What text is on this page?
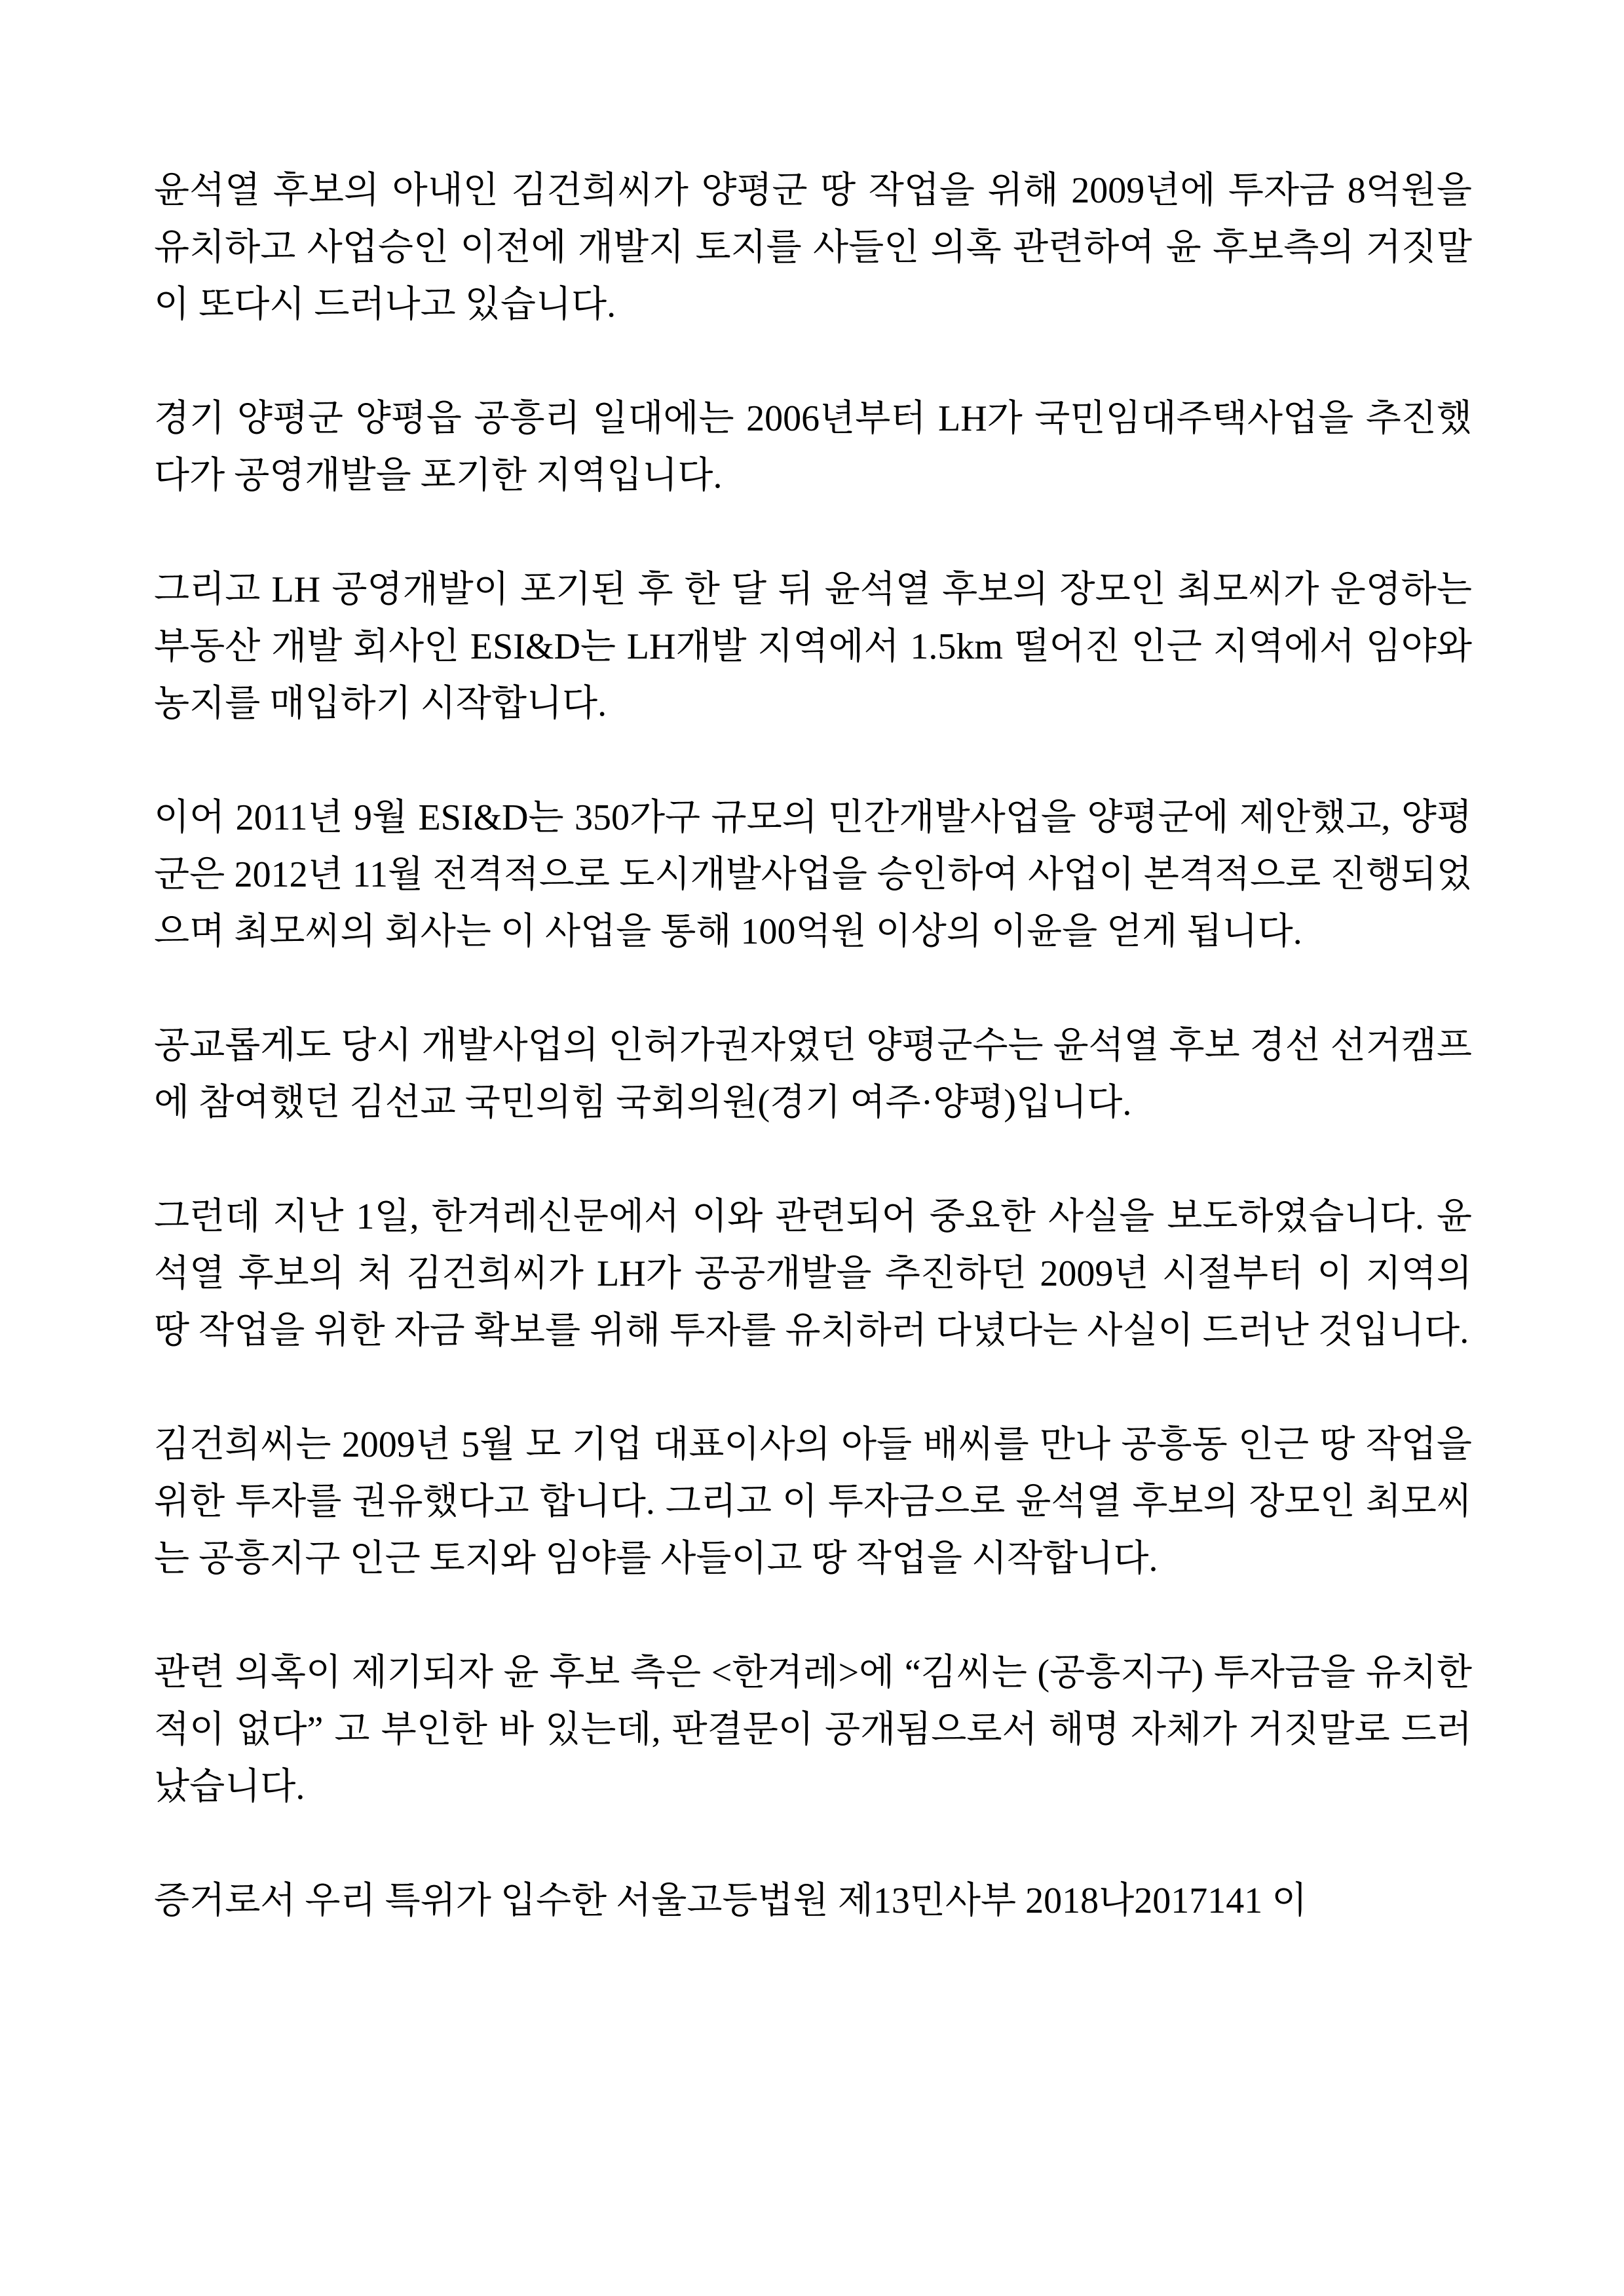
윤석열 후보의 아내인 김건희씨가 양평군 땅 작업을 위해 2009년에 투자금 8억원을 유치하고 사업승인 이전에 개발지 토지를 사들인 의혹 관련하여 윤 후보측의 거짓말이 또다시 드러나고 있습니다.

경기 양평군 양평읍 공흥리 일대에는 2006년부터 LH가 국민임대주택사업을 추진했다가 공영개발을 포기한 지역입니다.

그리고 LH 공영개발이 포기된 후 한 달 뒤 윤석열 후보의 장모인 최모씨가 운영하는 부동산 개발 회사인 ESI&D는 LH개발 지역에서 1.5km 떨어진 인근 지역에서 임야와 농지를 매입하기 시작합니다.

이어 2011년 9월 ESI&D는 350가구 규모의 민간개발사업을 양평군에 제안했고, 양평군은 2012년 11월 전격적으로 도시개발사업을 승인하여 사업이 본격적으로 진행되었으며 최모씨의 회사는 이 사업을 통해 100억원 이상의 이윤을 얻게 됩니다.

공교롭게도 당시 개발사업의 인허가권자였던 양평군수는 윤석열 후보 경선 선거캠프에 참여했던 김선교 국민의힘 국회의원(경기 여주·양평)입니다.

그런데 지난 1일, 한겨레신문에서 이와 관련되어 중요한 사실을 보도하였습니다. 윤석열 후보의 처 김건희씨가 LH가 공공개발을 추진하던 2009년 시절부터 이 지역의 땅 작업을 위한 자금 확보를 위해 투자를 유치하러 다녔다는 사실이 드러난 것입니다.

김건희씨는 2009년 5월 모 기업 대표이사의 아들 배씨를 만나 공흥동 인근 땅 작업을 위한 투자를 권유했다고 합니다. 그리고 이 투자금으로 윤석열 후보의 장모인 최모씨는 공흥지구 인근 토지와 임야를 사들이고 땅 작업을 시작합니다.

관련 의혹이 제기되자 윤 후보 측은 <한겨레>에 “김씨는 (공흥지구) 투자금을 유치한 적이 없다” 고 부인한 바 있는데, 판결문이 공개됨으로서 해명 자체가 거짓말로 드러났습니다.

증거로서 우리 특위가 입수한 서울고등법원 제13민사부 2018나2017141 이
